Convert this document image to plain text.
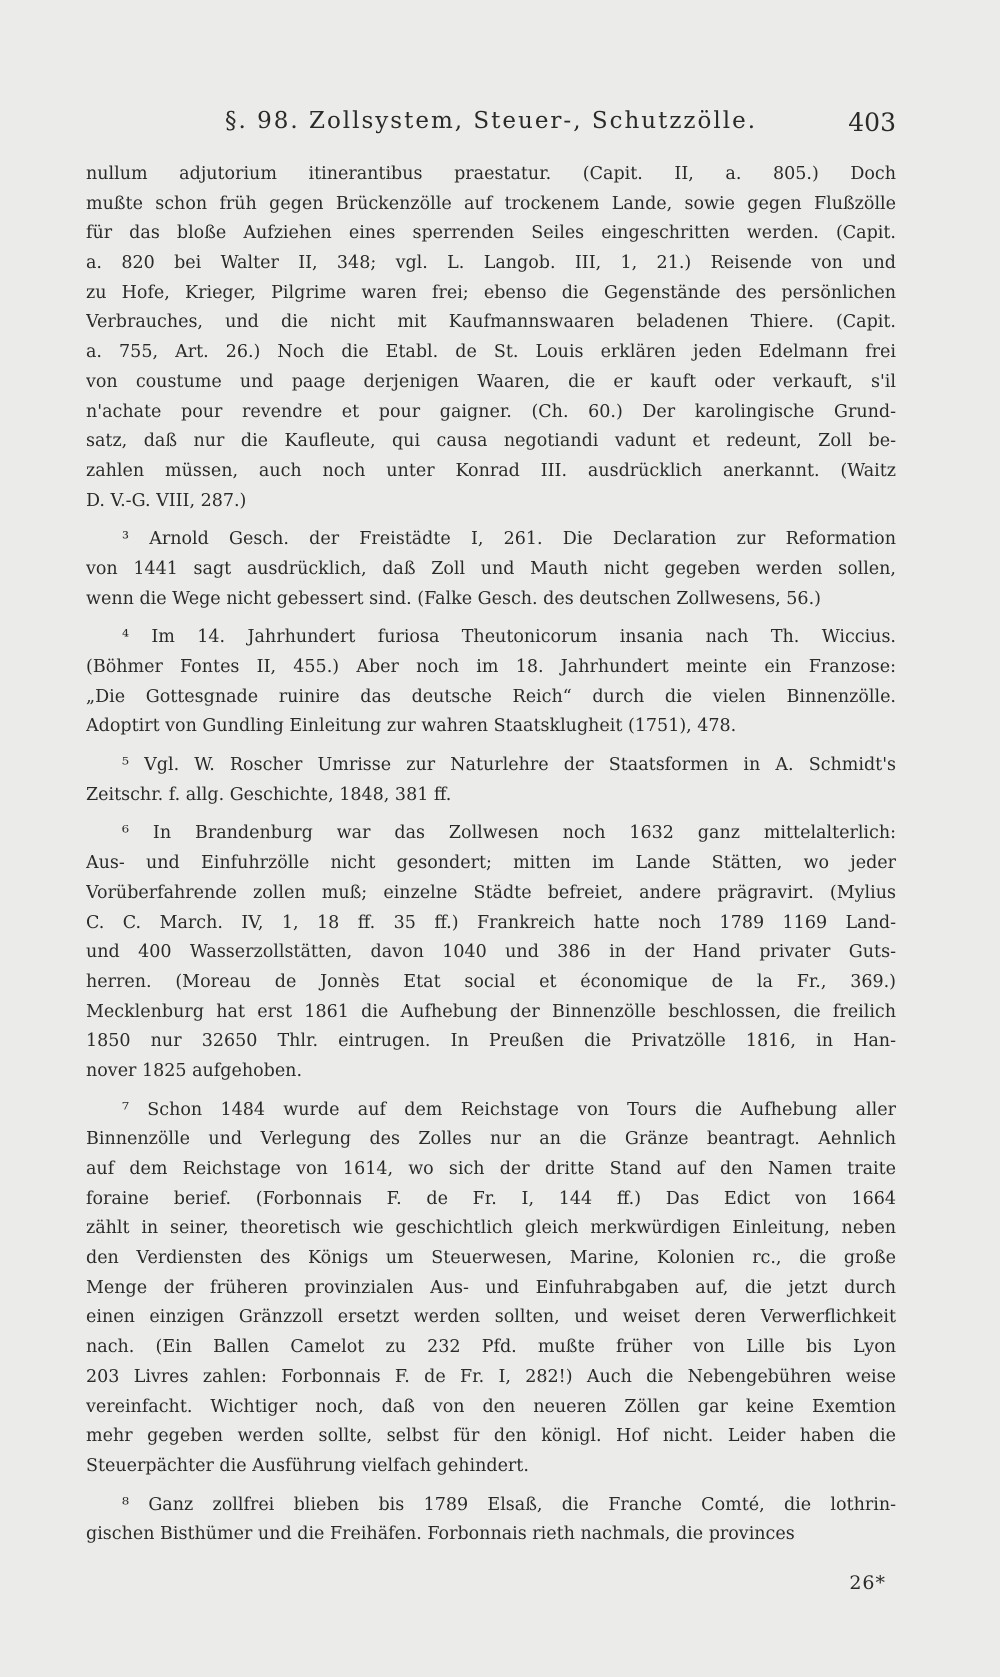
§. 98. Zollsystem, Steuer-, Schutzzölle.	403
nullum adjutorium itinerantibus praestatur. (Capit. II, a. 805.) Doch
mußte schon früh gegen Brückenzölle auf trockenem Lande, sowie gegen Flußzölle
für das bloße Aufziehen eines sperrenden Seiles eingeschritten werden. (Capit.
a. 820 bei Walter II, 348; vgl. L. Langob. III, 1, 21.) Reisende von und
zu Hofe, Krieger, Pilgrime waren frei; ebenso die Gegenstände des persönlichen
Verbrauches, und die nicht mit Kaufmannswaaren beladenen Thiere. (Capit.
a. 755, Art. 26.) Noch die Etabl. de St. Louis erklären jeden Edelmann frei
von coustume und paage derjenigen Waaren, die er kauft oder verkauft, s'il
n'achate pour revendre et pour gaigner. (Ch. 60.) Der karolingische Grund-
satz, daß nur die Kaufleute, qui causa negotiandi vadunt et redeunt, Zoll be-
zahlen müssen, auch noch unter Konrad III. ausdrücklich anerkannt. (Waitz
D. V.-G. VIII, 287.)
³ Arnold Gesch. der Freistädte I, 261. Die Declaration zur Reformation
von 1441 sagt ausdrücklich, daß Zoll und Mauth nicht gegeben werden sollen,
wenn die Wege nicht gebessert sind. (Falke Gesch. des deutschen Zollwesens, 56.)
⁴ Im 14. Jahrhundert furiosa Theutonicorum insania nach Th. Wiccius.
(Böhmer Fontes II, 455.) Aber noch im 18. Jahrhundert meinte ein Franzose:
„Die Gottesgnade ruinire das deutsche Reich“ durch die vielen Binnenzölle.
Adoptirt von Gundling Einleitung zur wahren Staatsklugheit (1751), 478.
⁵ Vgl. W. Roscher Umrisse zur Naturlehre der Staatsformen in A. Schmidt's
Zeitschr. f. allg. Geschichte, 1848, 381 ff.
⁶ In Brandenburg war das Zollwesen noch 1632 ganz mittelalterlich:
Aus- und Einfuhrzölle nicht gesondert; mitten im Lande Stätten, wo jeder
Vorüberfahrende zollen muß; einzelne Städte befreiet, andere prägravirt. (Mylius
C. C. March. IV, 1, 18 ff. 35 ff.) Frankreich hatte noch 1789 1169 Land-
und 400 Wasserzollstätten, davon 1040 und 386 in der Hand privater Guts-
herren. (Moreau de Jonnès Etat social et économique de la Fr., 369.)
Mecklenburg hat erst 1861 die Aufhebung der Binnenzölle beschlossen, die freilich
1850 nur 32650 Thlr. eintrugen. In Preußen die Privatzölle 1816, in Han-
nover 1825 aufgehoben.
⁷ Schon 1484 wurde auf dem Reichstage von Tours die Aufhebung aller
Binnenzölle und Verlegung des Zolles nur an die Gränze beantragt. Aehnlich
auf dem Reichstage von 1614, wo sich der dritte Stand auf den Namen traite
foraine berief. (Forbonnais F. de Fr. I, 144 ff.) Das Edict von 1664
zählt in seiner, theoretisch wie geschichtlich gleich merkwürdigen Einleitung, neben
den Verdiensten des Königs um Steuerwesen, Marine, Kolonien rc., die große
Menge der früheren provinzialen Aus- und Einfuhrabgaben auf, die jetzt durch
einen einzigen Gränzzoll ersetzt werden sollten, und weiset deren Verwerflichkeit
nach. (Ein Ballen Camelot zu 232 Pfd. mußte früher von Lille bis Lyon
203 Livres zahlen: Forbonnais F. de Fr. I, 282!) Auch die Nebengebühren weise
vereinfacht. Wichtiger noch, daß von den neueren Zöllen gar keine Exemtion
mehr gegeben werden sollte, selbst für den königl. Hof nicht. Leider haben die
Steuerpächter die Ausführung vielfach gehindert.
⁸ Ganz zollfrei blieben bis 1789 Elsaß, die Franche Comté, die lothrin-
gischen Bisthümer und die Freihäfen. Forbonnais rieth nachmals, die provinces
26*
